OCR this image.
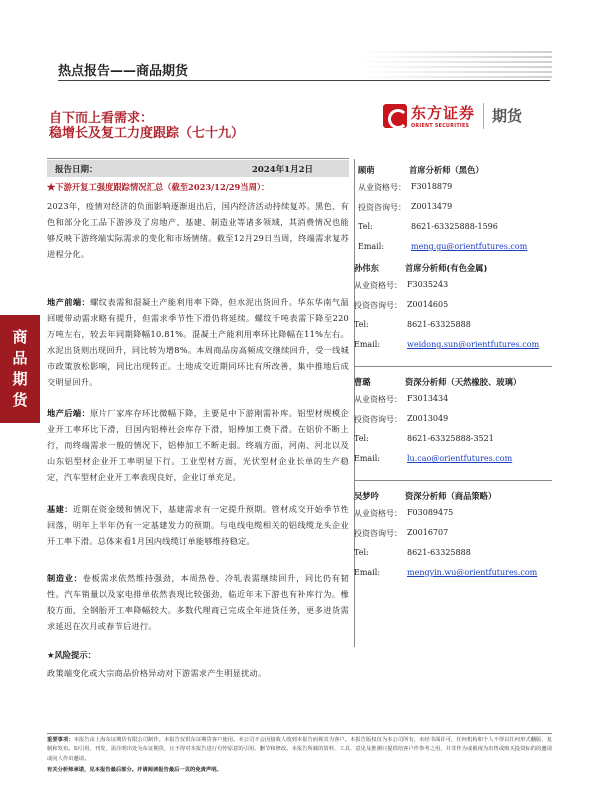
热点报告——商品期货
商
品
期
货
自下而上看需求：
稳增长及复工力度跟踪（七十九）
东方证券
ORIENT SECURITIES
期货
报告日期：	2024年1月2日
★下游开复工强度跟踪情况汇总（截至2023/12/29当周）：
2023年，疫情对经济的负面影响逐渐退出后，国内经济活动持续复苏。黑色、有色和部分化工品下游涉及了房地产、基建、制造业等诸多领域，其消费情况也能够反映下游终端实际需求的变化和市场情绪。截至12月29日当周，终端需求复苏进程分化。
地产前端：螺纹表需和混凝土产能利用率下降，但水泥出货回升。华东华南气温回暖带动需求略有提升，但需求季节性下滑仍将延续。螺纹千吨表需下降至220万吨左右，较去年同期降幅10.81%。混凝土产能利用率环比降幅在11%左右。水泥出货则出现回升，同比转为增8%。本周商品房高频成交继续回升，受一线城市政策放松影响，同比出现转正。土地成交近期同环比有所改善，集中推地后成交明显回升。
地产后端：原片厂家库存环比微幅下降，主要是中下游刚需补库。铝型材规模企业开工率环比下滑，目国内铝棒社会库存下滑，铝棒加工费下滑。在铝价不断上行，而终端需求一般的情况下，铝棒加工不断走弱。终端方面，河南、河北以及山东铝型材企业开工率明显下行。工业型材方面，光伏型材企业长单的生产稳定，汽车型材企业开工率表现良好，企业订单充足。
基建：近期在资金缓和情况下，基建需求有一定提升预期。管材成交开始季节性回落，明年上半年仍有一定基建发力的预期。与电线电缆相关的铝线缆龙头企业开工率下滑。总体来看1月国内线缆订单能够维持稳定。
制造业：卷板需求依然维持强劲，本周热卷、冷轧表需继续回升，同比仍有韧性。汽车销量以及家电排单依然表现比较强劲，临近年末下游也有补库行为。橡胶方面，全钢胎开工率降幅较大。多数代理商已完成全年进货任务，更多进货需求延迟在次月或春节后进行。
★风险提示：
政策端变化或大宗商品价格异动对下游需求产生明显扰动。
顾萌	首席分析师（黑色）
从业资格号： F3018879
投资咨询号： Z0013479
Tel:	8621-63325888-1596
Email:	meng.gu@orientfutures.com
孙伟东	首席分析师(有色金属)
从业资格号： F3035243
投资咨询号： Z0014605
Tel:	8621-63325888
Email:	weidong.sun@orientfutures.com
曹璐	资深分析师（天然橡胶、玻璃）
从业资格号： F3013434
投资咨询号： Z0013049
Tel:	8621-63325888-3521
Email:	lu.cao@orientfutures.com
吴梦吟	资深分析师（商品策略）
从业资格号： F03089475
投资咨询号： Z0016707
Tel:	8621-63325888
Email:	mengyin.wu@orientfutures.com
重要事项：本报告由上海东证期货有限公司制作。本报告仅供东证期货客户使用。本公司不会因接收人收到本报告而视其为客户。本报告版权仅为本公司所有，未经书面许可，任何机构和个人不得以任何形式翻版、复制和发布。如引用、刊发，需注明出处为东证期货，且不得对本报告进行有悖原意的引用、删节和修改。本报告所载的资料、工具、意见及推测只提供给客户作参考之用，并非作为或被视为出售或购买投资标的的邀请或向人作出邀请。
有关分析师承诺，见本报告最后部分。并请阅读报告最后一页的免责声明。
